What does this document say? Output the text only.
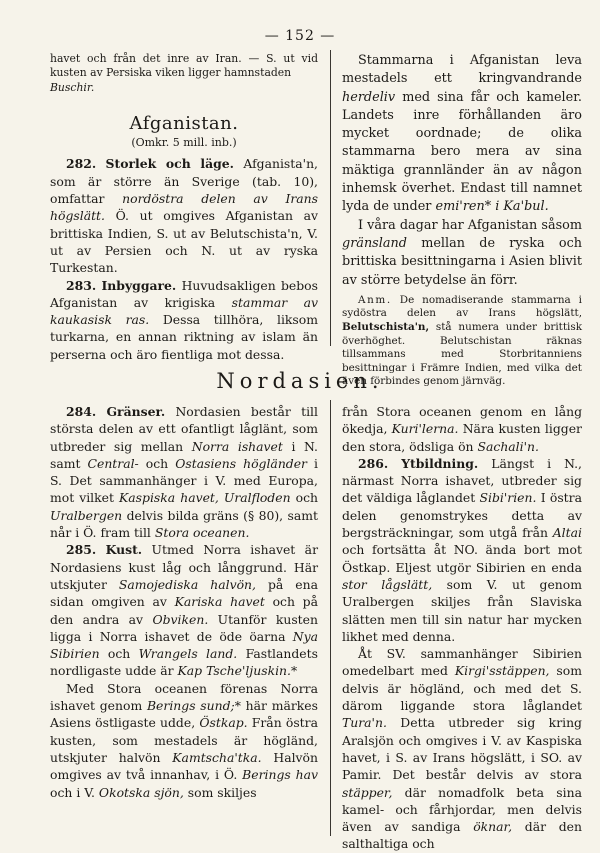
— 152 —

havet och från det inre av Iran. — S. ut vid kusten av Persiska viken ligger hamnstaden
Buschir.

Afganistan.
(Omkr. 5 mill. inb.)

282. Storlek och läge. Afganista'n, som är större än Sverige (tab. 10), omfattar nordöstra delen av Irans högslätt. Ö. ut omgives Afganistan av brittiska Indien, S. ut av Belutschista'n, V. ut av Persien och N. ut av ryska Turkestan.

283. Inbyggare. Huvudsakligen bebos Afganistan av krigiska stammar av kaukasisk ras. Dessa tillhöra, liksom turkarna, en annan riktning av islam än perserna och äro fientliga mot dessa.

Stammarna i Afganistan leva mestadels ett kringvandrande herdeliv med sina får och kameler. Landets inre förhållanden äro mycket oordnade; de olika stammarna bero mera av sina mäktiga grannländer än av någon inhemsk överhet. Endast till namnet lyda de under emi'ren* i Ka'bul.

I våra dagar har Afganistan såsom gränsland mellan de ryska och brittiska besittningarna i Asien blivit av större betydelse än förr.

Anm. De nomadiserande stammarna i sydöstra delen av Irans högslätt, Belutschista'n, stå numera under brittisk överhöghet. Belutschistan räknas tillsammans med Storbritanniens besittningar i Främre Indien, med vilka det även förbindes genom järnväg.

Nordasien.

284. Gränser. Nordasien består till största delen av ett ofantligt låglänt, som utbreder sig mellan Norra ishavet i N. samt Central- och Ostasiens högländer i S. Det sammanhänger i V. med Europa, mot vilket Kaspiska havet, Uralfloden och Uralbergen delvis bilda gräns (§ 80), samt når i Ö. fram till Stora oceanen.

285. Kust. Utmed Norra ishavet är Nordasiens kust låg och långgrund. Här utskjuter Samojediska halvön, på ena sidan omgiven av Kariska havet och på den andra av Obviken. Utanför kusten ligga i Norra ishavet de öde öarna Nya Sibirien och Wrangels land. Fastlandets nordligaste udde är Kap Tsche'ljuskin.*

Med Stora oceanen förenas Norra ishavet genom Berings sund;* här märkes Asiens östligaste udde, Östkap. Från östra kusten, som mestadels är högländ, utskjuter halvön Kamtscha'tka. Halvön omgives av två innanhav, i Ö. Berings hav och i V. Okotska sjön, som skiljes

från Stora oceanen genom en lång ökedja, Kuri'lerna. Nära kusten ligger den stora, ödsliga ön Sachali'n.

286. Ytbildning. Längst i N., närmast Norra ishavet, utbreder sig det väldiga låglandet Sibi'rien. I östra delen genomstrykes detta av bergsträckningar, som utgå från Altai och fortsätta åt NO. ända bort mot Östkap. Eljest utgör Sibirien en enda stor lågslätt, som V. ut genom Uralbergen skiljes från Slaviska slätten men till sin natur har mycken likhet med denna.

Åt SV. sammanhänger Sibirien omedelbart med Kirgi'sstäppen, som delvis är högländ, och med det S. därom liggande stora låglandet Tura'n. Detta utbreder sig kring Aralsjön och omgives i V. av Kaspiska havet, i S. av Irans högslätt, i SO. av Pamir. Det består delvis av stora stäpper, där nomadfolk beta sina kamel- och fårhjordar, men delvis även av sandiga öknar, där den salthaltiga och
